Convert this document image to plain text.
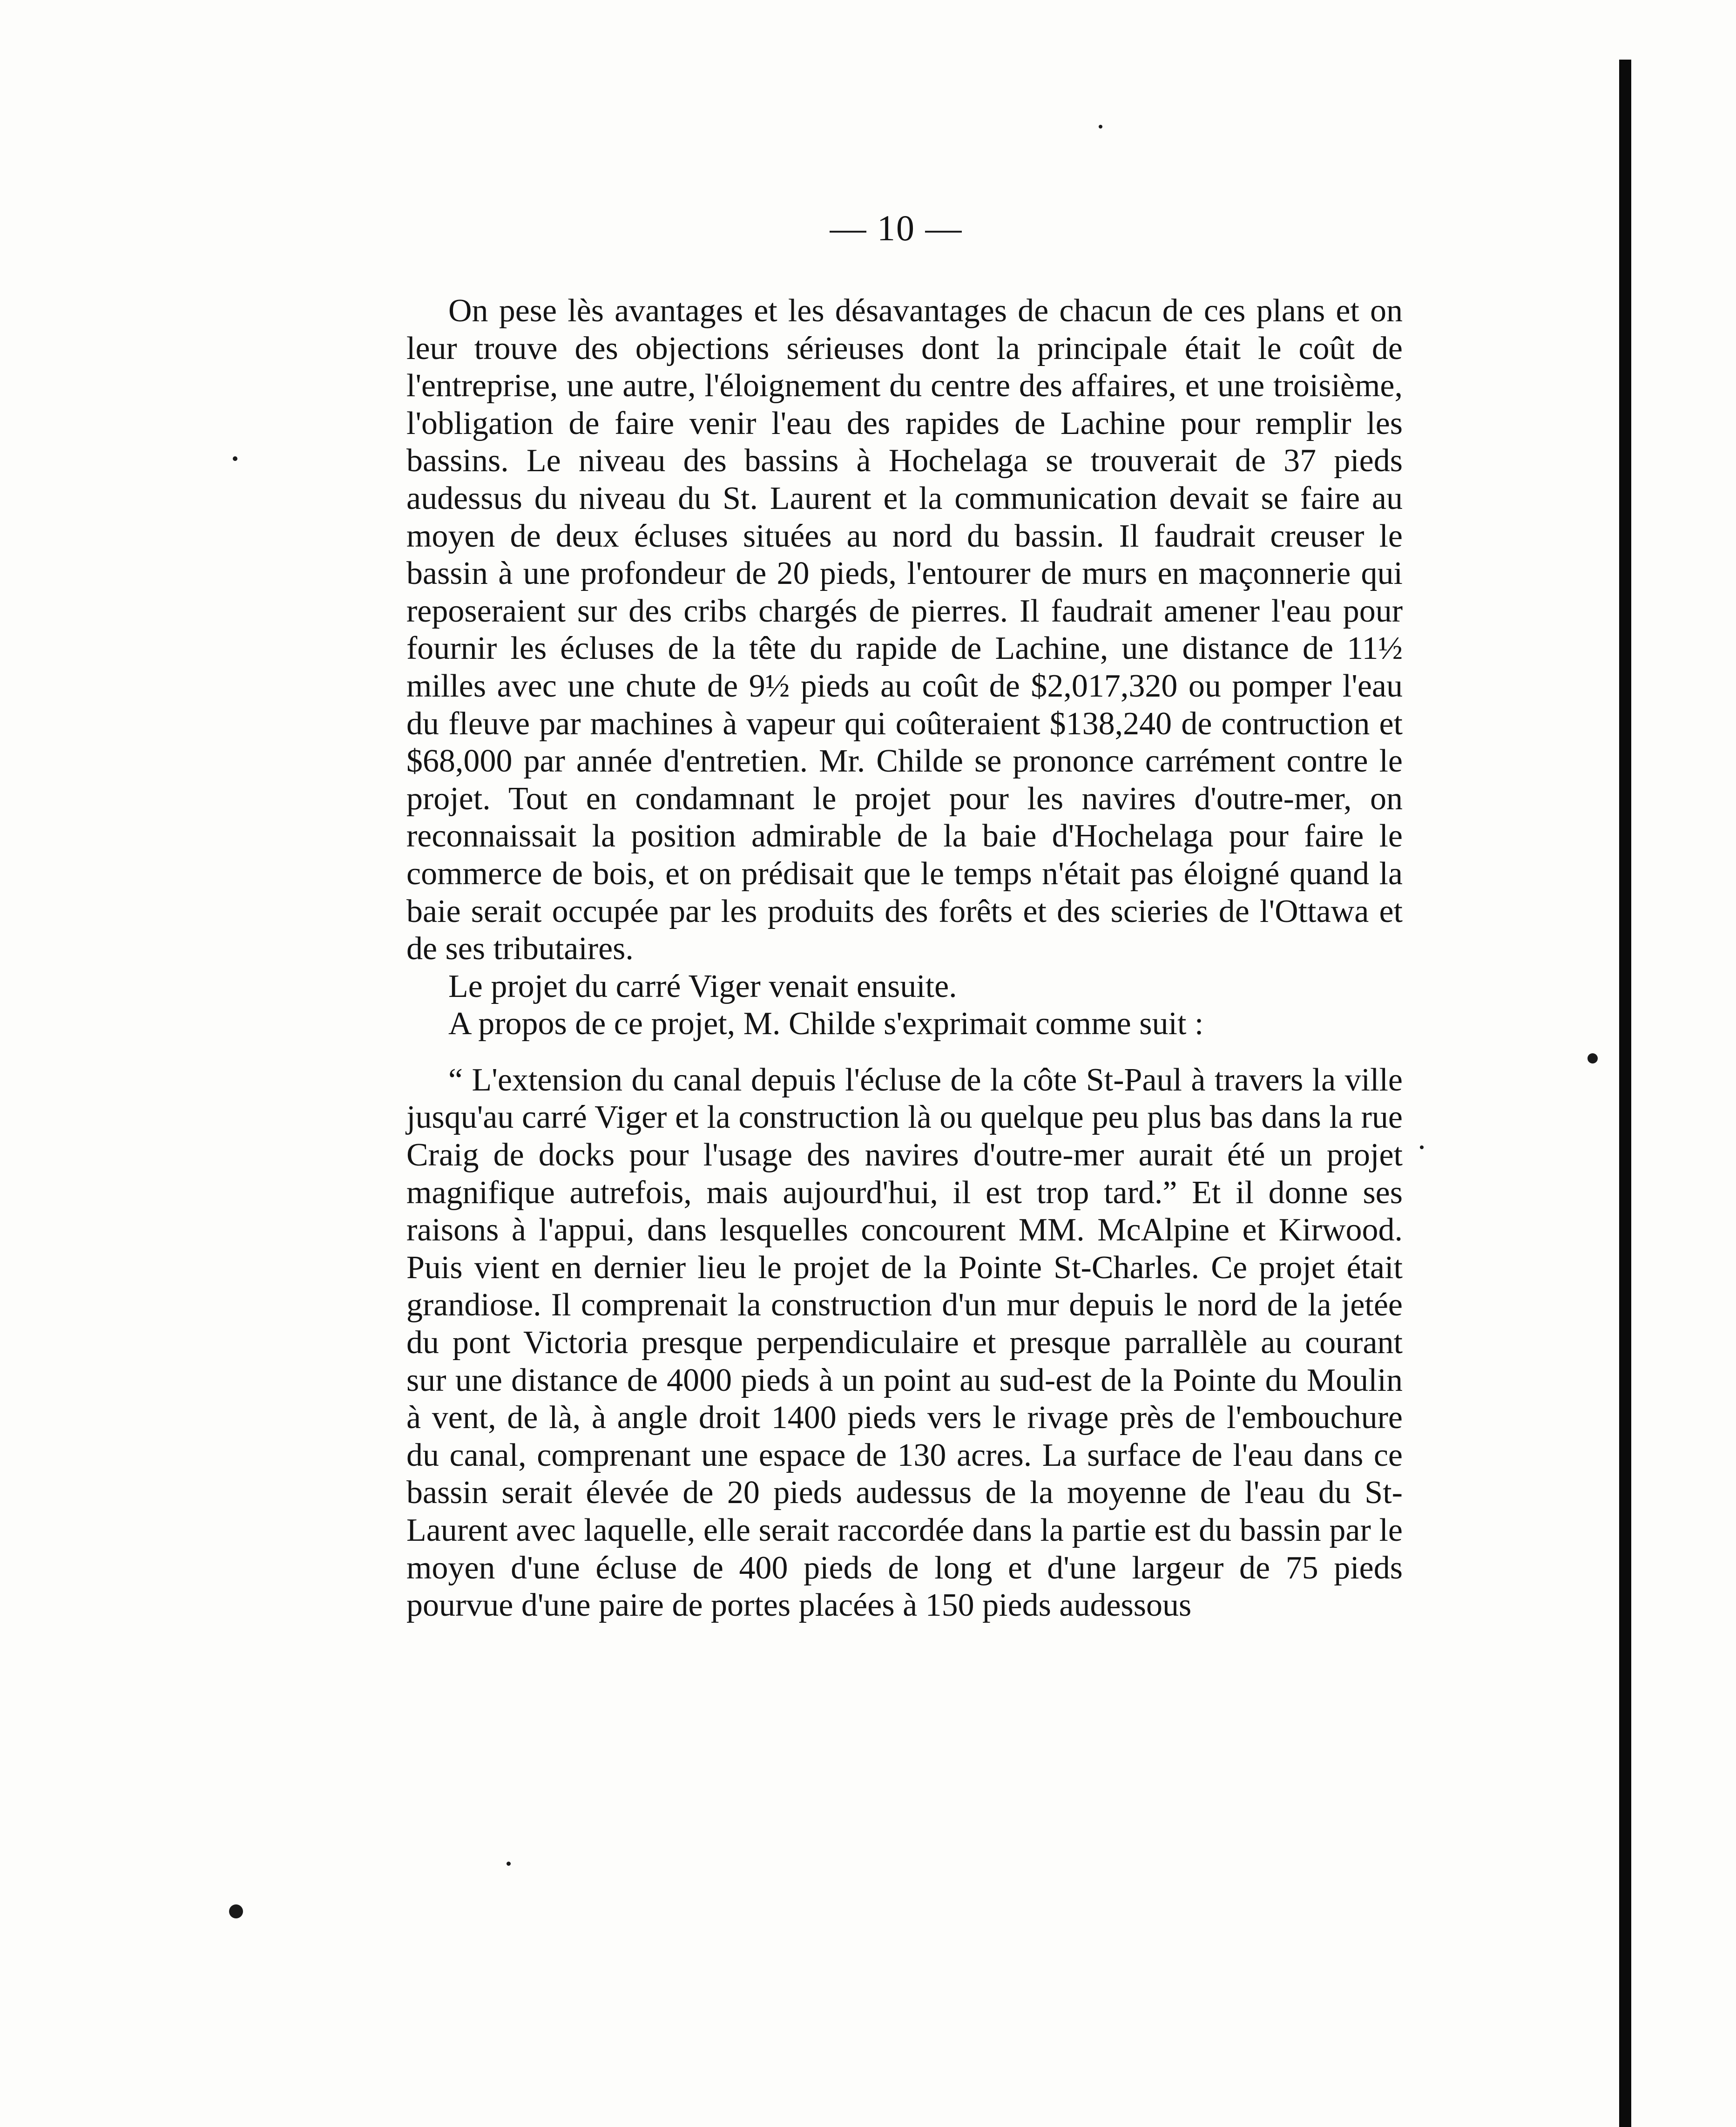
— 10 —

On pese lès avantages et les désavantages de chacun de ces plans et on leur trouve des objections sérieuses dont la principale était le coût de l'entreprise, une autre, l'éloignement du centre des affaires, et une troisième, l'obligation de faire venir l'eau des rapides de Lachine pour remplir les bassins. Le niveau des bassins à Hochelaga se trouverait de 37 pieds audessus du niveau du St. Laurent et la communication devait se faire au moyen de deux écluses situées au nord du bassin. Il faudrait creuser le bassin à une profondeur de 20 pieds, l'entourer de murs en maçonnerie qui reposeraient sur des cribs chargés de pierres. Il faudrait amener l'eau pour fournir les écluses de la tête du rapide de Lachine, une distance de 11½ milles avec une chute de 9½ pieds au coût de $2,017,320 ou pomper l'eau du fleuve par machines à vapeur qui coûteraient $138,240 de contruction et $68,000 par année d'entretien. Mr. Childe se prononce carrément contre le projet. Tout en condamnant le projet pour les navires d'outre-mer, on reconnaissait la position admirable de la baie d'Hochelaga pour faire le commerce de bois, et on prédisait que le temps n'était pas éloigné quand la baie serait occupée par les produits des forêts et des scieries de l'Ottawa et de ses tributaires.

Le projet du carré Viger venait ensuite.

A propos de ce projet, M. Childe s'exprimait comme suit :

“ L'extension du canal depuis l'écluse de la côte St-Paul à travers la ville jusqu'au carré Viger et la construction là ou quelque peu plus bas dans la rue Craig de docks pour l'usage des navires d'outre-mer aurait été un projet magnifique autrefois, mais aujourd'hui, il est trop tard.” Et il donne ses raisons à l'appui, dans lesquelles concourent MM. McAlpine et Kirwood. Puis vient en dernier lieu le projet de la Pointe St-Charles. Ce projet était grandiose. Il comprenait la construction d'un mur depuis le nord de la jetée du pont Victoria presque perpendiculaire et presque parrallèle au courant sur une distance de 4000 pieds à un point au sud-est de la Pointe du Moulin à vent, de là, à angle droit 1400 pieds vers le rivage près de l'embouchure du canal, comprenant une espace de 130 acres. La surface de l'eau dans ce bassin serait élevée de 20 pieds audessus de la moyenne de l'eau du St-Laurent avec laquelle, elle serait raccordée dans la partie est du bassin par le moyen d'une écluse de 400 pieds de long et d'une largeur de 75 pieds pourvue d'une paire de portes placées à 150 pieds audessous
